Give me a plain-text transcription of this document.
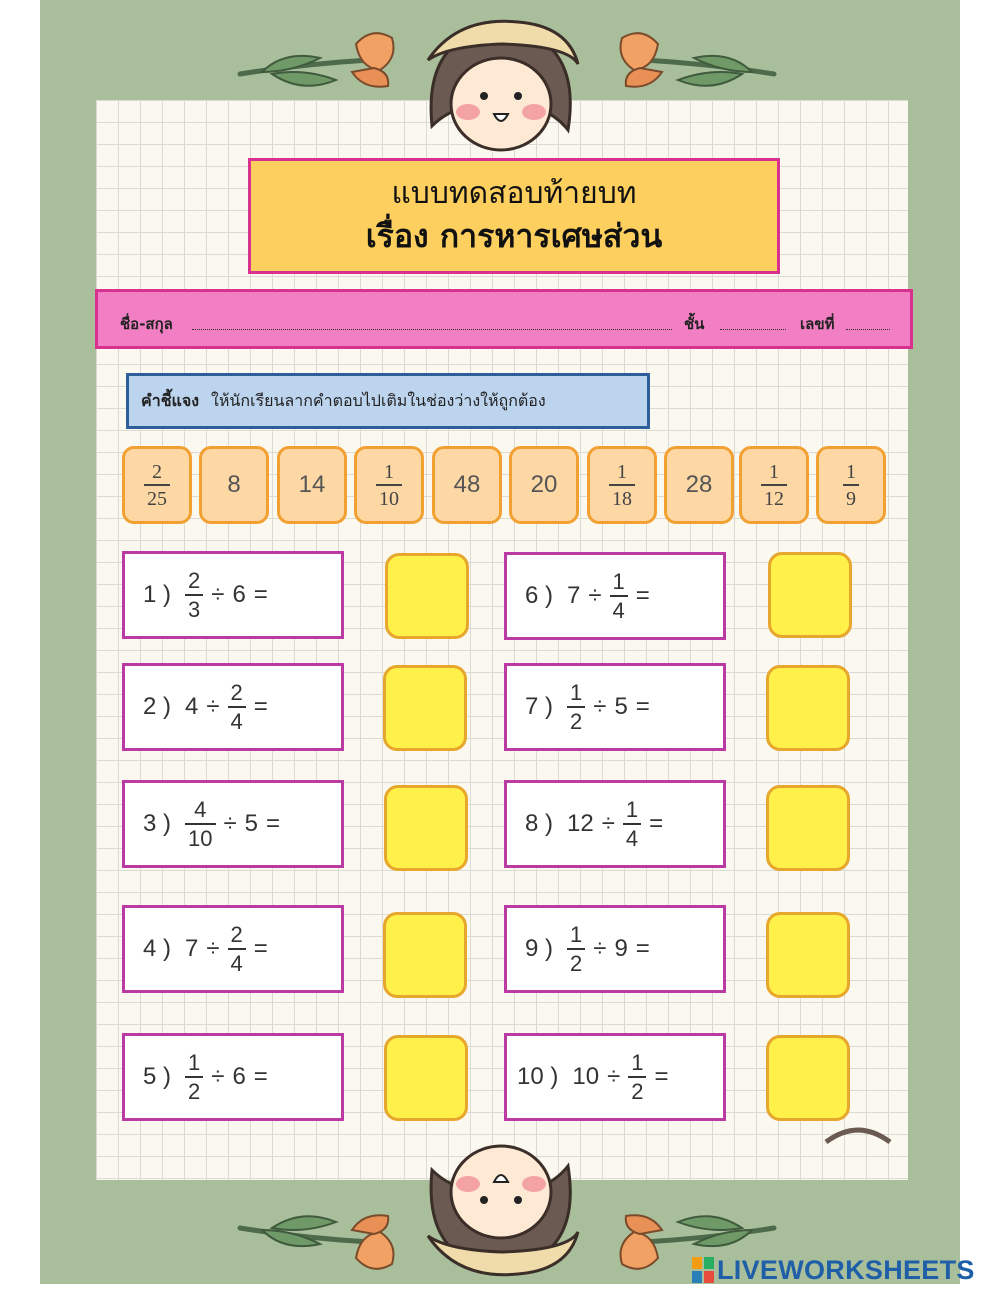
แบบทดสอบท้ายบท
เรื่อง การหารเศษส่วน
ชื่อ-สกุล	ชั้น	เลขที่
คำชี้แจง ให้นักเรียนลากคำตอบไปเติมในช่องว่างให้ถูกต้อง
$\frac{2}{25} 8$ 14	$\frac{1}{10} 48$ 20	$\frac{1}{18} 28 \frac{1}{12}$	$\frac{1}{9}$
1 ) $\frac{2}{3} \div 6$ =
2 ) $4 \div \frac{2}{4}$ =
3 ) $\frac{4}{10} \div 5$ =
4 ) $7 \div \frac{2}{4}$ =
5 ) $\frac{1}{2} \div 6$ =
6 ) $7 \div \frac{1}{4}$ =
7 ) $\frac{1}{2} \div 5$ =
8 ) $12 \div \frac{1}{4}$ =
9 ) $\frac{1}{2} \div 9$ =
10 ) $10 \div \frac{1}{2}$ =
LIVEWORKSHEETS
